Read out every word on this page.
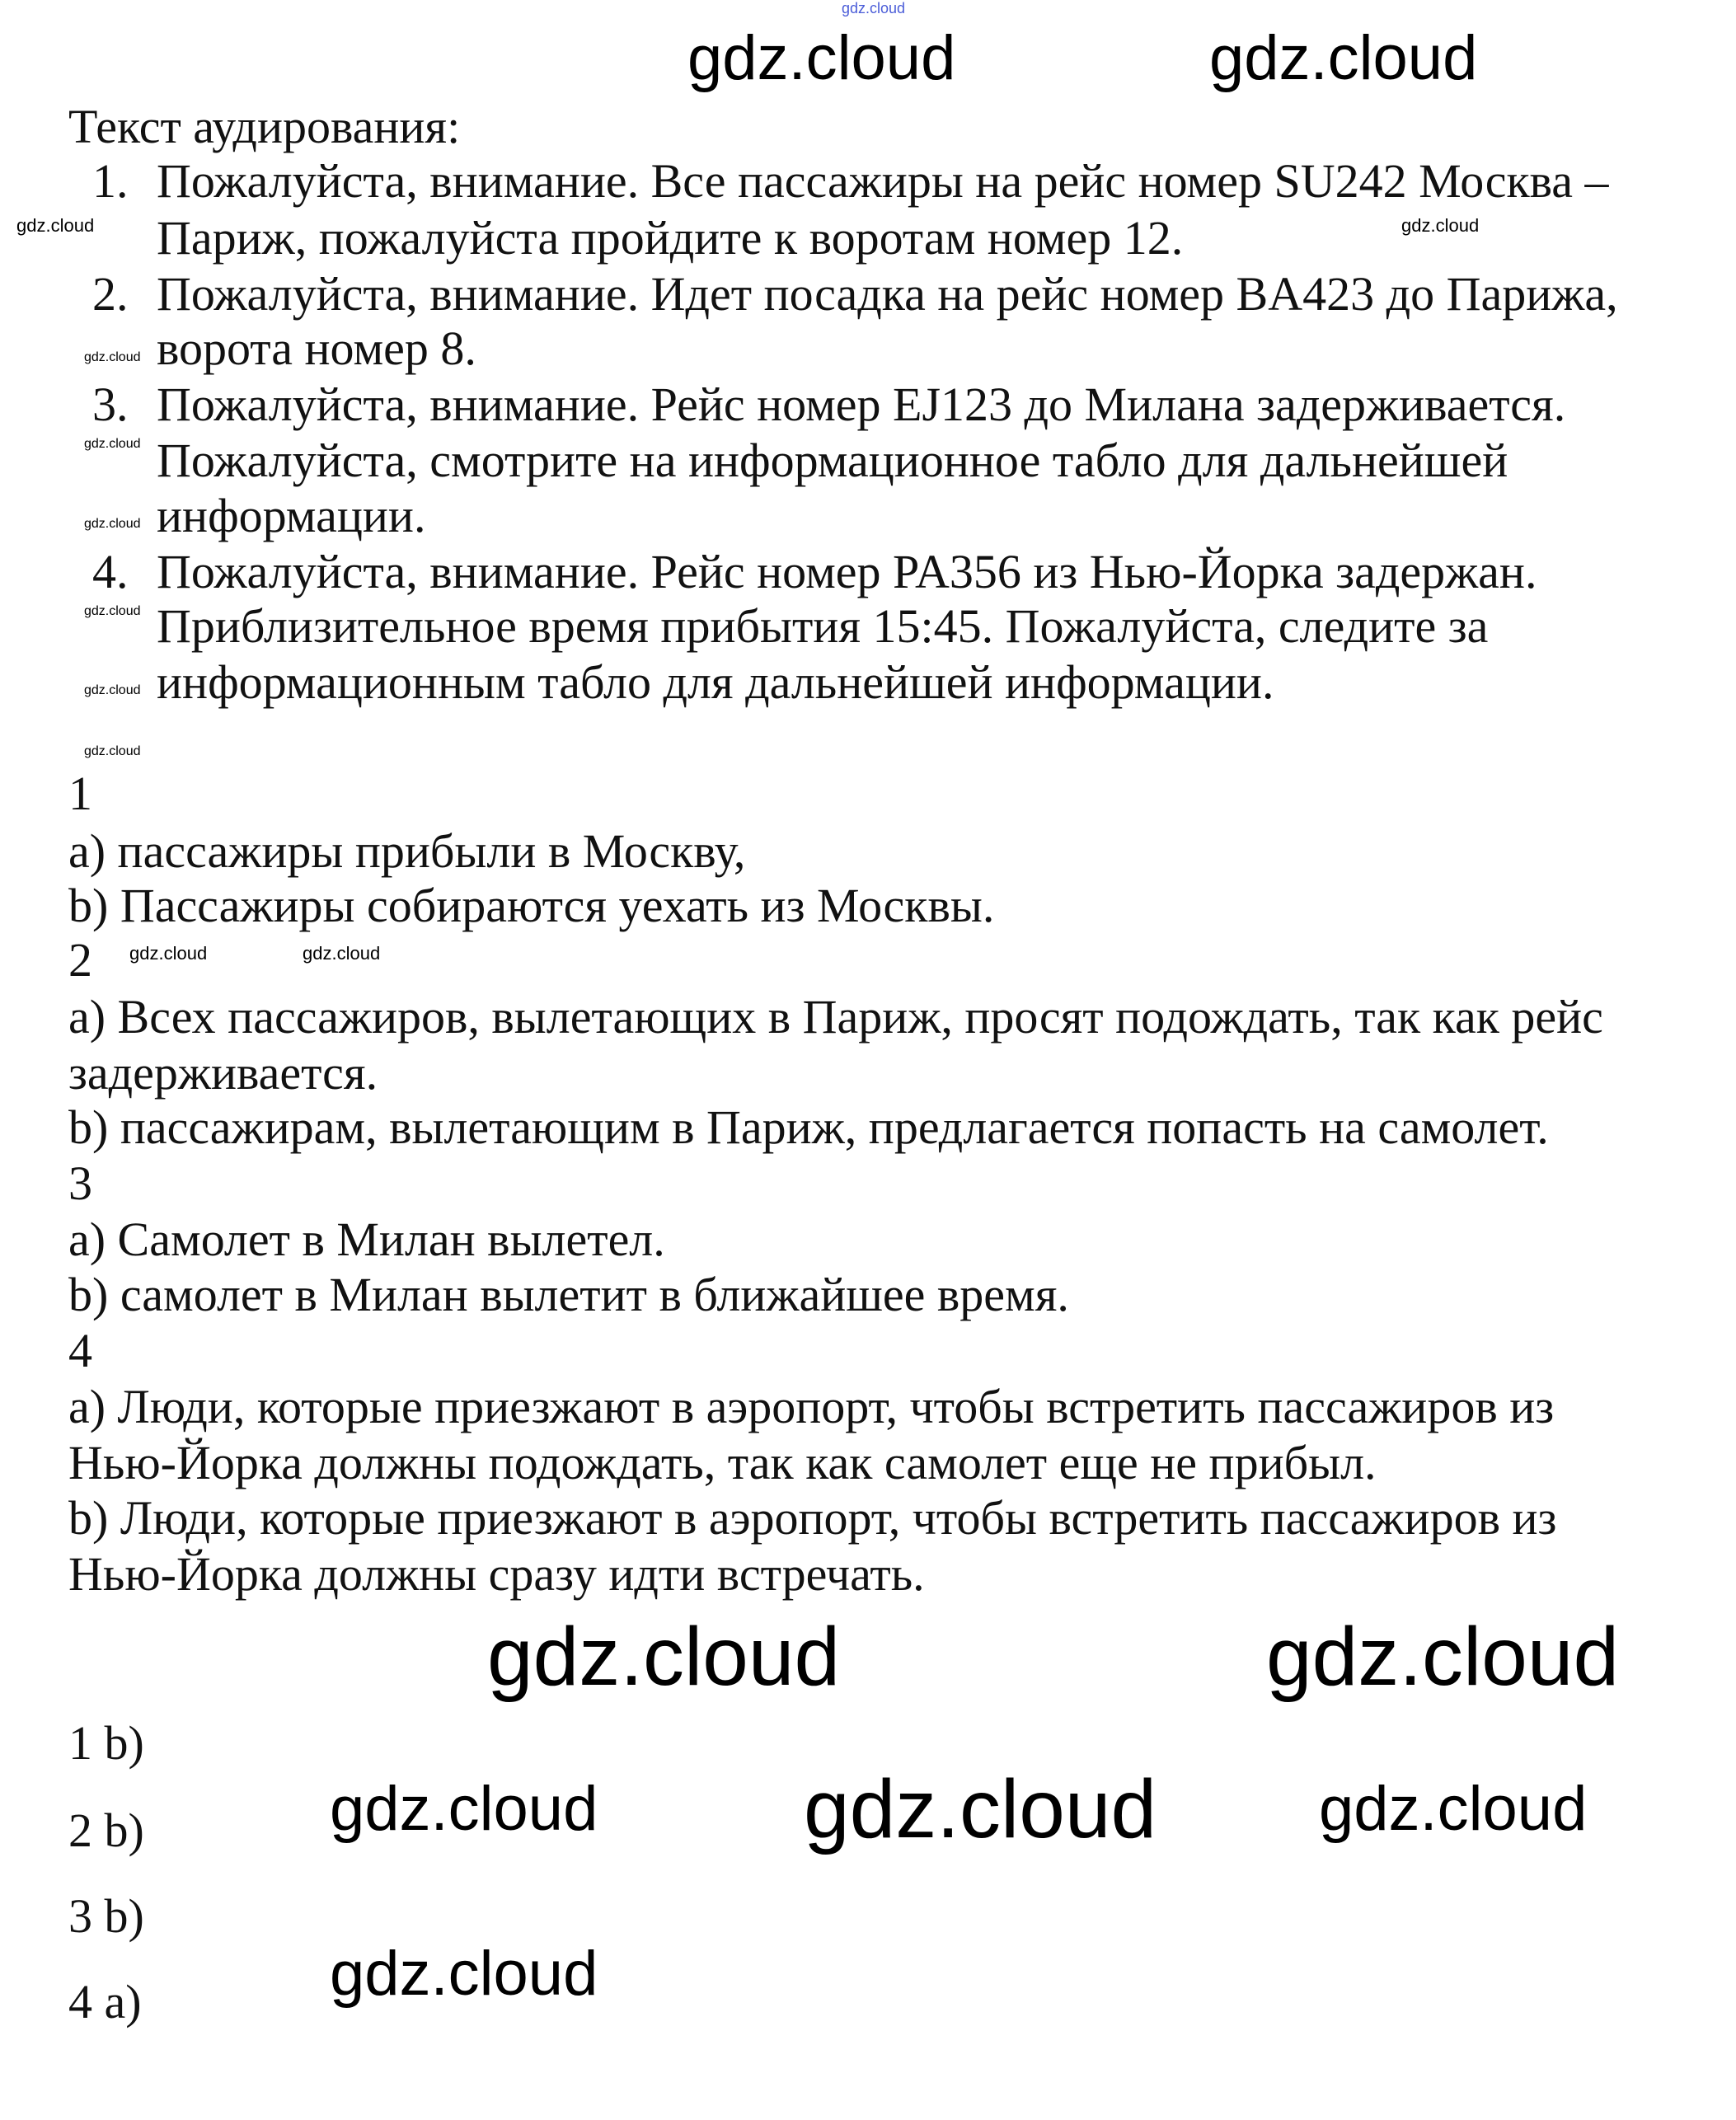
Текст аудирования:
1. Пожалуйста, внимание. Все пассажиры на рейс номер SU242 Москва –
Париж, пожалуйста пройдите к воротам номер 12.
2. Пожалуйста, внимание. Идет посадка на рейс номер BA423 до Парижа,
ворота номер 8.
3. Пожалуйста, внимание. Рейс номер EJ123 до Милана задерживается.
Пожалуйста, смотрите на информационное табло для дальнейшей
информации.
4. Пожалуйста, внимание. Рейс номер PA356 из Нью-Йорка задержан.
Приблизительное время прибытия 15:45. Пожалуйста, следите за
информационным табло для дальнейшей информации.
1
a) пассажиры прибыли в Москву,
b) Пассажиры собираются уехать из Москвы.
2
a) Всех пассажиров, вылетающих в Париж, просят подождать, так как рейс
задерживается.
b) пассажирам, вылетающим в Париж, предлагается попасть на самолет.
3
a) Самолет в Милан вылетел.
b) самолет в Милан вылетит в ближайшее время.
4
a) Люди, которые приезжают в аэропорт, чтобы встретить пассажиров из
Нью-Йорка должны подождать, так как самолет еще не прибыл.
b) Люди, которые приезжают в аэропорт, чтобы встретить пассажиров из
Нью-Йорка должны сразу идти встречать.
1 b)
2 b)
3 b)
4 a)
gdz.cloud
gdz.cloud	gdz.cloud
gdz.cloud	gdz.cloud
gdz.cloud gdz.cloud	gdz.cloud
gdz.cloud
gdz.cloud	gdz.cloud
gdz.cloud
gdz.cloud
gdz.cloud
gdz.cloud
gdz.cloud
gdz.cloud
gdz.cloud	gdz.cloud
